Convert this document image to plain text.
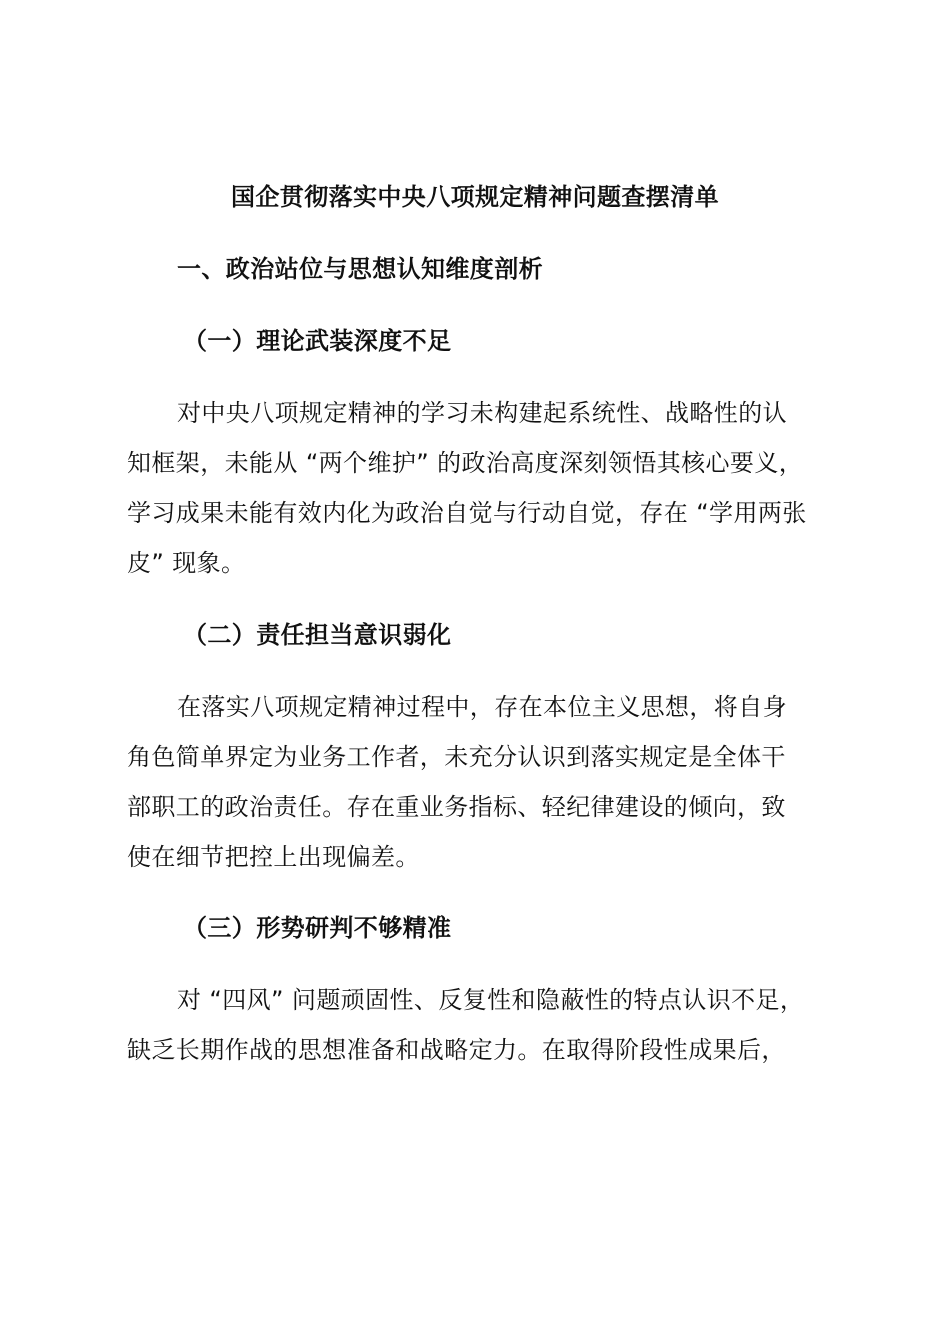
国企贯彻落实中央八项规定精神问题查摆清单
一、政治站位与思想认知维度剖析
（一）理论武装深度不足
对中央八项规定精神的学习未构建起系统性、战略性的认
知框架，未能从 “两个维护” 的政治高度深刻领悟其核心要义，
学习成果未能有效内化为政治自觉与行动自觉，存在 “学用两张
皮” 现象。
（二）责任担当意识弱化
在落实八项规定精神过程中，存在本位主义思想，将自身
角色简单界定为业务工作者，未充分认识到落实规定是全体干
部职工的政治责任。存在重业务指标、轻纪律建设的倾向，致
使在细节把控上出现偏差。
（三）形势研判不够精准
对 “四风” 问题顽固性、反复性和隐蔽性的特点认识不足，
缺乏长期作战的思想准备和战略定力。在取得阶段性成果后，
